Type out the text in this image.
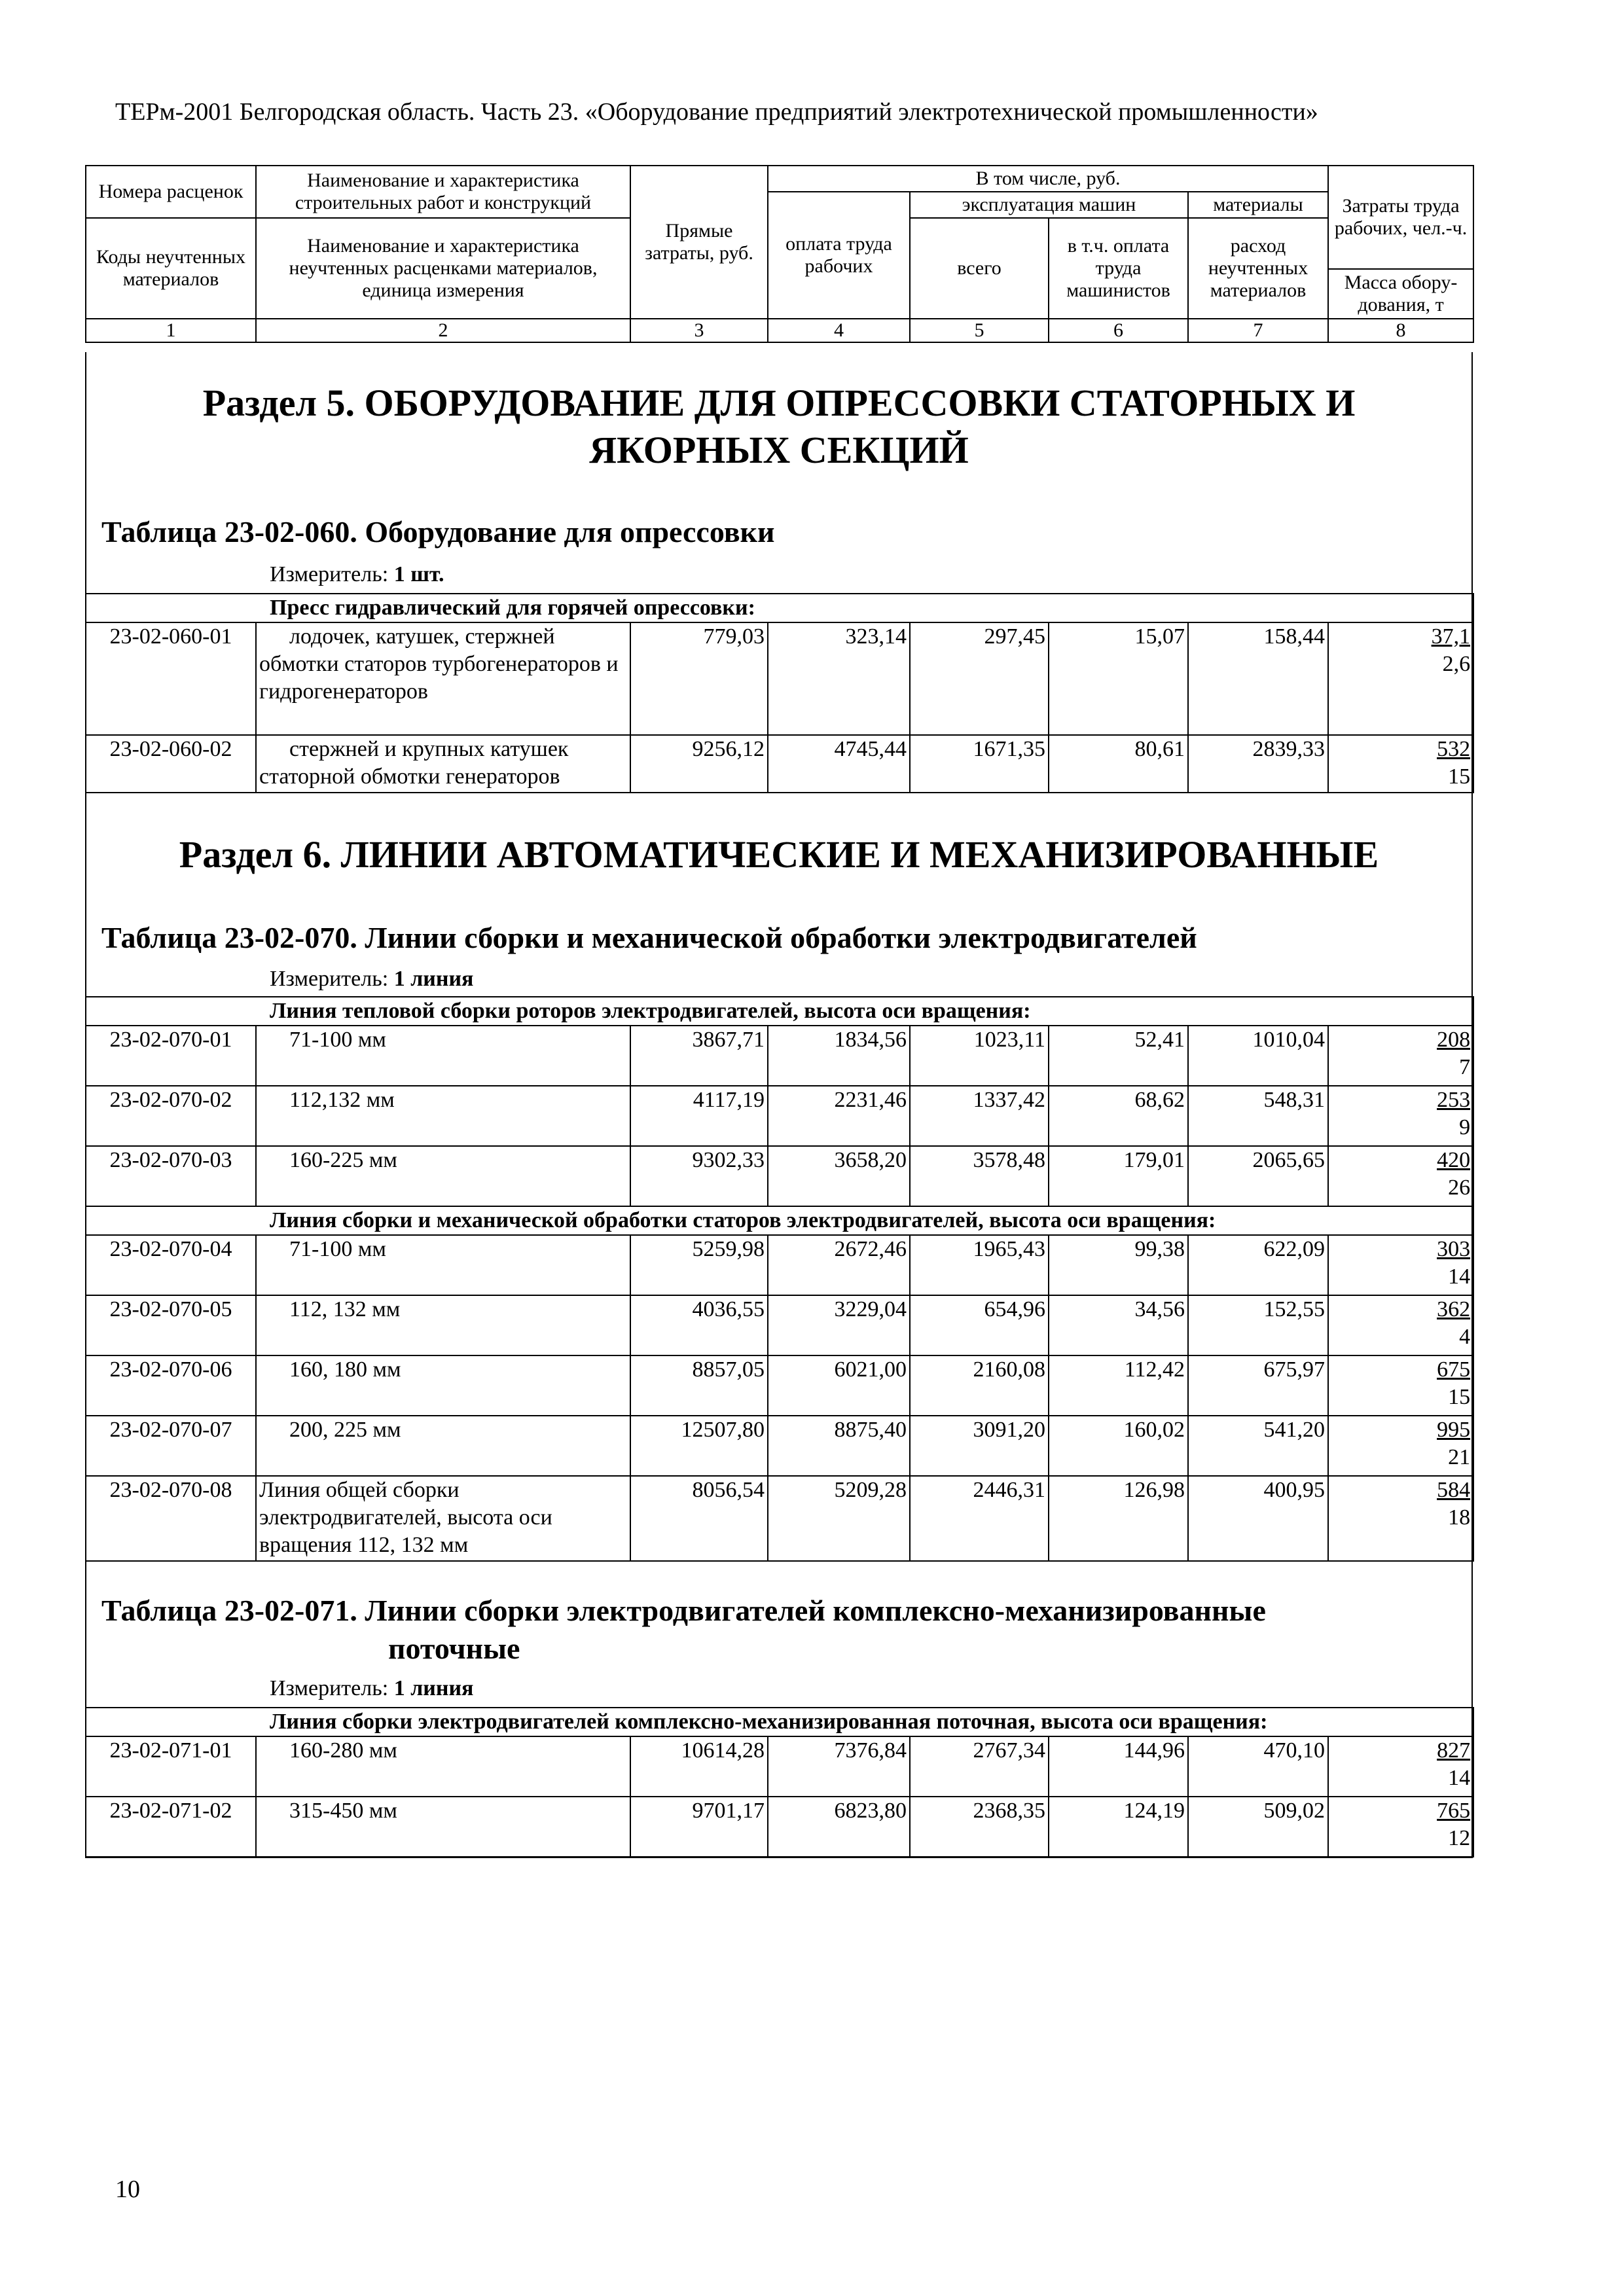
ТЕРм-2001 Белгородская область. Часть 23. «Оборудование предприятий электротехнической промышленности»
Номера расценок	Наименование и характеристика строительных работ и конструкций	Прямые затраты, руб.	В том числе, руб.				Затраты труда рабочих, чел.-ч.
			оплата труда рабочих	эксплуатация машин		материалы	
Коды неучтенных материалов	Наименование и характеристика неучтенных расценками материалов, единица измерения			всего	в т.ч. оплата труда машинистов	расход неучтенных материалов	

							Масса обору-дования, т
1	2	3	4	5	6	7	8
Раздел 5. ОБОРУДОВАНИЕ ДЛЯ ОПРЕССОВКИ СТАТОРНЫХ И
ЯКОРНЫХ СЕКЦИЙ
Таблица 23-02-060. Оборудование для опрессовки
Измеритель: 1 шт.
Пресс гидравлический для горячей опрессовки:							
23-02-060-01	лодочек, катушек, стержней обмотки статоров турбогенераторов и гидрогенераторов	779,03	323,14	297,45	15,07	158,44	37,1
2,6

23-02-060-02	стержней и крупных катушек статорной обмотки генераторов	9256,12	4745,44	1671,35	80,61	2839,33	532
15
Раздел 6. ЛИНИИ АВТОМАТИЧЕСКИЕ И МЕХАНИЗИРОВАННЫЕ
Таблица 23-02-070. Линии сборки и механической обработки электродвигателей
Измеритель: 1 линия
Линия тепловой сборки роторов электродвигателей, высота оси вращения:							
23-02-070-01	71-100 мм	3867,71	1834,56	1023,11	52,41	1010,04	208
7

23-02-070-02	112,132 мм	4117,19	2231,46	1337,42	68,62	548,31	253
9

23-02-070-03	160-225 мм	9302,33	3658,20	3578,48	179,01	2065,65	420
26

Линия сборки и механической обработки статоров электродвигателей, высота оси вращения:							
23-02-070-04	71-100 мм	5259,98	2672,46	1965,43	99,38	622,09	303
14

23-02-070-05	112, 132 мм	4036,55	3229,04	654,96	34,56	152,55	362
4

23-02-070-06	160, 180 мм	8857,05	6021,00	2160,08	112,42	675,97	675
15

23-02-070-07	200, 225 мм	12507,80	8875,40	3091,20	160,02	541,20	995
21

23-02-070-08	Линия общей сборки электродвигателей, высота оси вращения 112, 132 мм	8056,54	5209,28	2446,31	126,98	400,95	584
18
Таблица 23-02-071. Линии сборки электродвигателей комплексно-механизированные
поточные
Измеритель: 1 линия
Линия сборки электродвигателей комплексно-механизированная поточная, высота оси вращения:							
23-02-071-01	160-280 мм	10614,28	7376,84	2767,34	144,96	470,10	827
14

23-02-071-02	315-450 мм	9701,17	6823,80	2368,35	124,19	509,02	765
12
10
